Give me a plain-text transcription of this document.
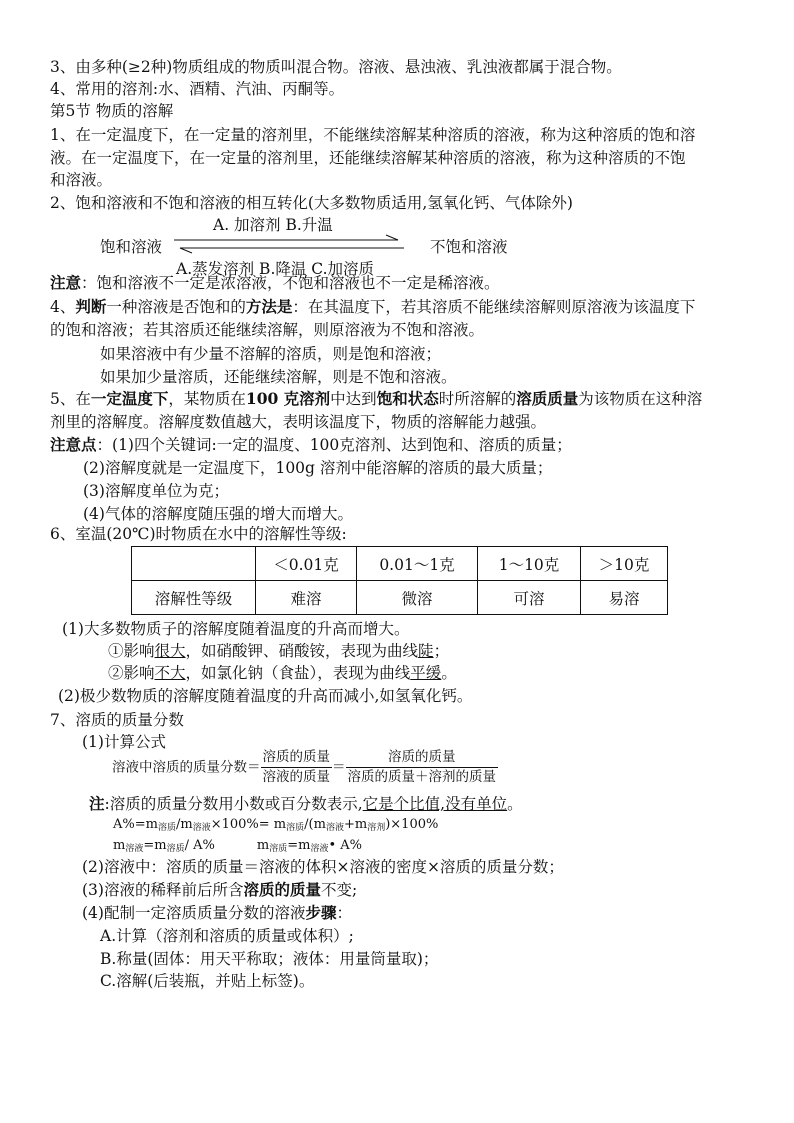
3、由多种(≥2种)物质组成的物质叫混合物。溶液、悬浊液、乳浊液都属于混合物。
4、常用的溶剂:水、酒精、汽油、丙酮等。
第5节 物质的溶解
1、在一定温度下，在一定量的溶剂里，不能继续溶解某种溶质的溶液，称为这种溶质的饱和溶
液。在一定温度下，在一定量的溶剂里，还能继续溶解某种溶质的溶液，称为这种溶质的不饱
和溶液。
2、饱和溶液和不饱和溶液的相互转化(大多数物质适用,氢氧化钙、气体除外)
A. 加溶剂 B.升温
饱和溶液	不饱和溶液
A.蒸发溶剂 B.降温 C.加溶质
注意：饱和溶液不一定是浓溶液，不饱和溶液也不一定是稀溶液。
4、判断一种溶液是否饱和的方法是：在其温度下，若其溶质不能继续溶解则原溶液为该温度下
的饱和溶液；若其溶质还能继续溶解，则原溶液为不饱和溶液。
如果溶液中有少量不溶解的溶质，则是饱和溶液；
如果加少量溶质，还能继续溶解，则是不饱和溶液。
5、在一定温度下，某物质在100 克溶剂中达到饱和状态时所溶解的溶质质量为该物质在这种溶
剂里的溶解度。溶解度数值越大，表明该温度下，物质的溶解能力越强。
注意点：(1)四个关键词:一定的温度、100克溶剂、达到饱和、溶质的质量；
(2)溶解度就是一定温度下，100g 溶剂中能溶解的溶质的最大质量；
(3)溶解度单位为克；
(4)气体的溶解度随压强的增大而增大。
6、室温(20℃)时物质在水中的溶解性等级:
	＜0.01克	0.01～1克	1～10克	＞10克
溶解性等级	难溶	微溶	可溶	易溶
(1)大多数物质子的溶解度随着温度的升高而增大。
①影响很大，如硝酸钾、硝酸铵，表现为曲线陡；
②影响不大，如氯化钠（食盐），表现为曲线平缓。
(2)极少数物质的溶解度随着温度的升高而减小,如氢氧化钙。
7、溶质的质量分数
(1)计算公式
溶液中溶质的质量分数＝ $\frac{\text{溶质的质量}}{\text{溶液的质量}} = \frac{\text{溶质的质量}}{\text{溶质的质量＋溶剂的质量}}$
注:溶质的质量分数用小数或百分数表示,它是个比值,没有单位。
$A\%=m_{溶质}/m_{溶液}\times 100\%= m_{溶质}/(m_{溶液}+m_{溶剂})\times 100\%$
$m_{溶液}=m_{溶质}/$ A%	$m_{溶质}=m_{溶液}•$ A%
(2)溶液中：溶质的质量＝溶液的体积×溶液的密度×溶质的质量分数；
(3)溶液的稀释前后所含溶质的质量不变;
(4)配制一定溶质质量分数的溶液步骤：
A.计算（溶剂和溶质的质量或体积）;
B.称量(固体：用天平称取；液体：用量筒量取)；
C.溶解(后装瓶，并贴上标签)。
